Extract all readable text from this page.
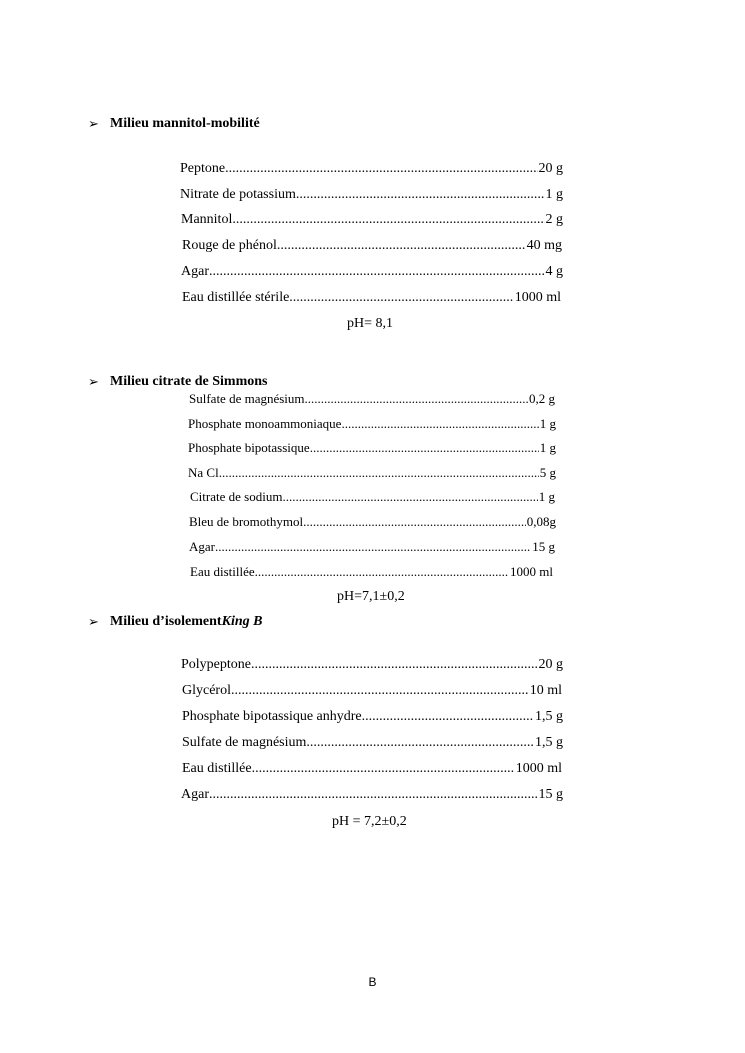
➢ Milieu mannitol-mobilité
Peptone .....	20 g
Nitrate de potassium .....	1 g
Mannitol .....	2 g
Rouge de phénol .....	40 mg
Agar .....	4 g
Eau distillée stérile .....	1000 ml
pH= 8,1
➢ Milieu citrate de Simmons
Sulfate de magnésium .....	0,2 g
Phosphate monoammoniaque .....	1 g
Phosphate bipotassique .....	1 g
Na Cl .....	5 g
Citrate de sodium .....	1 g
Bleu de bromothymol .....	0,08g
Agar .....	15 g
Eau distillée .....	1000 ml
pH=7,1±0,2
➢ Milieu d’isolement King B
Polypeptone .....	20 g
Glycérol .....	10 ml
Phosphate bipotassique anhydre .....	1,5 g
Sulfate de magnésium .....	1,5 g
Eau distillée .....	1000 ml
Agar .....	15 g
pH = 7,2±0,2
B
